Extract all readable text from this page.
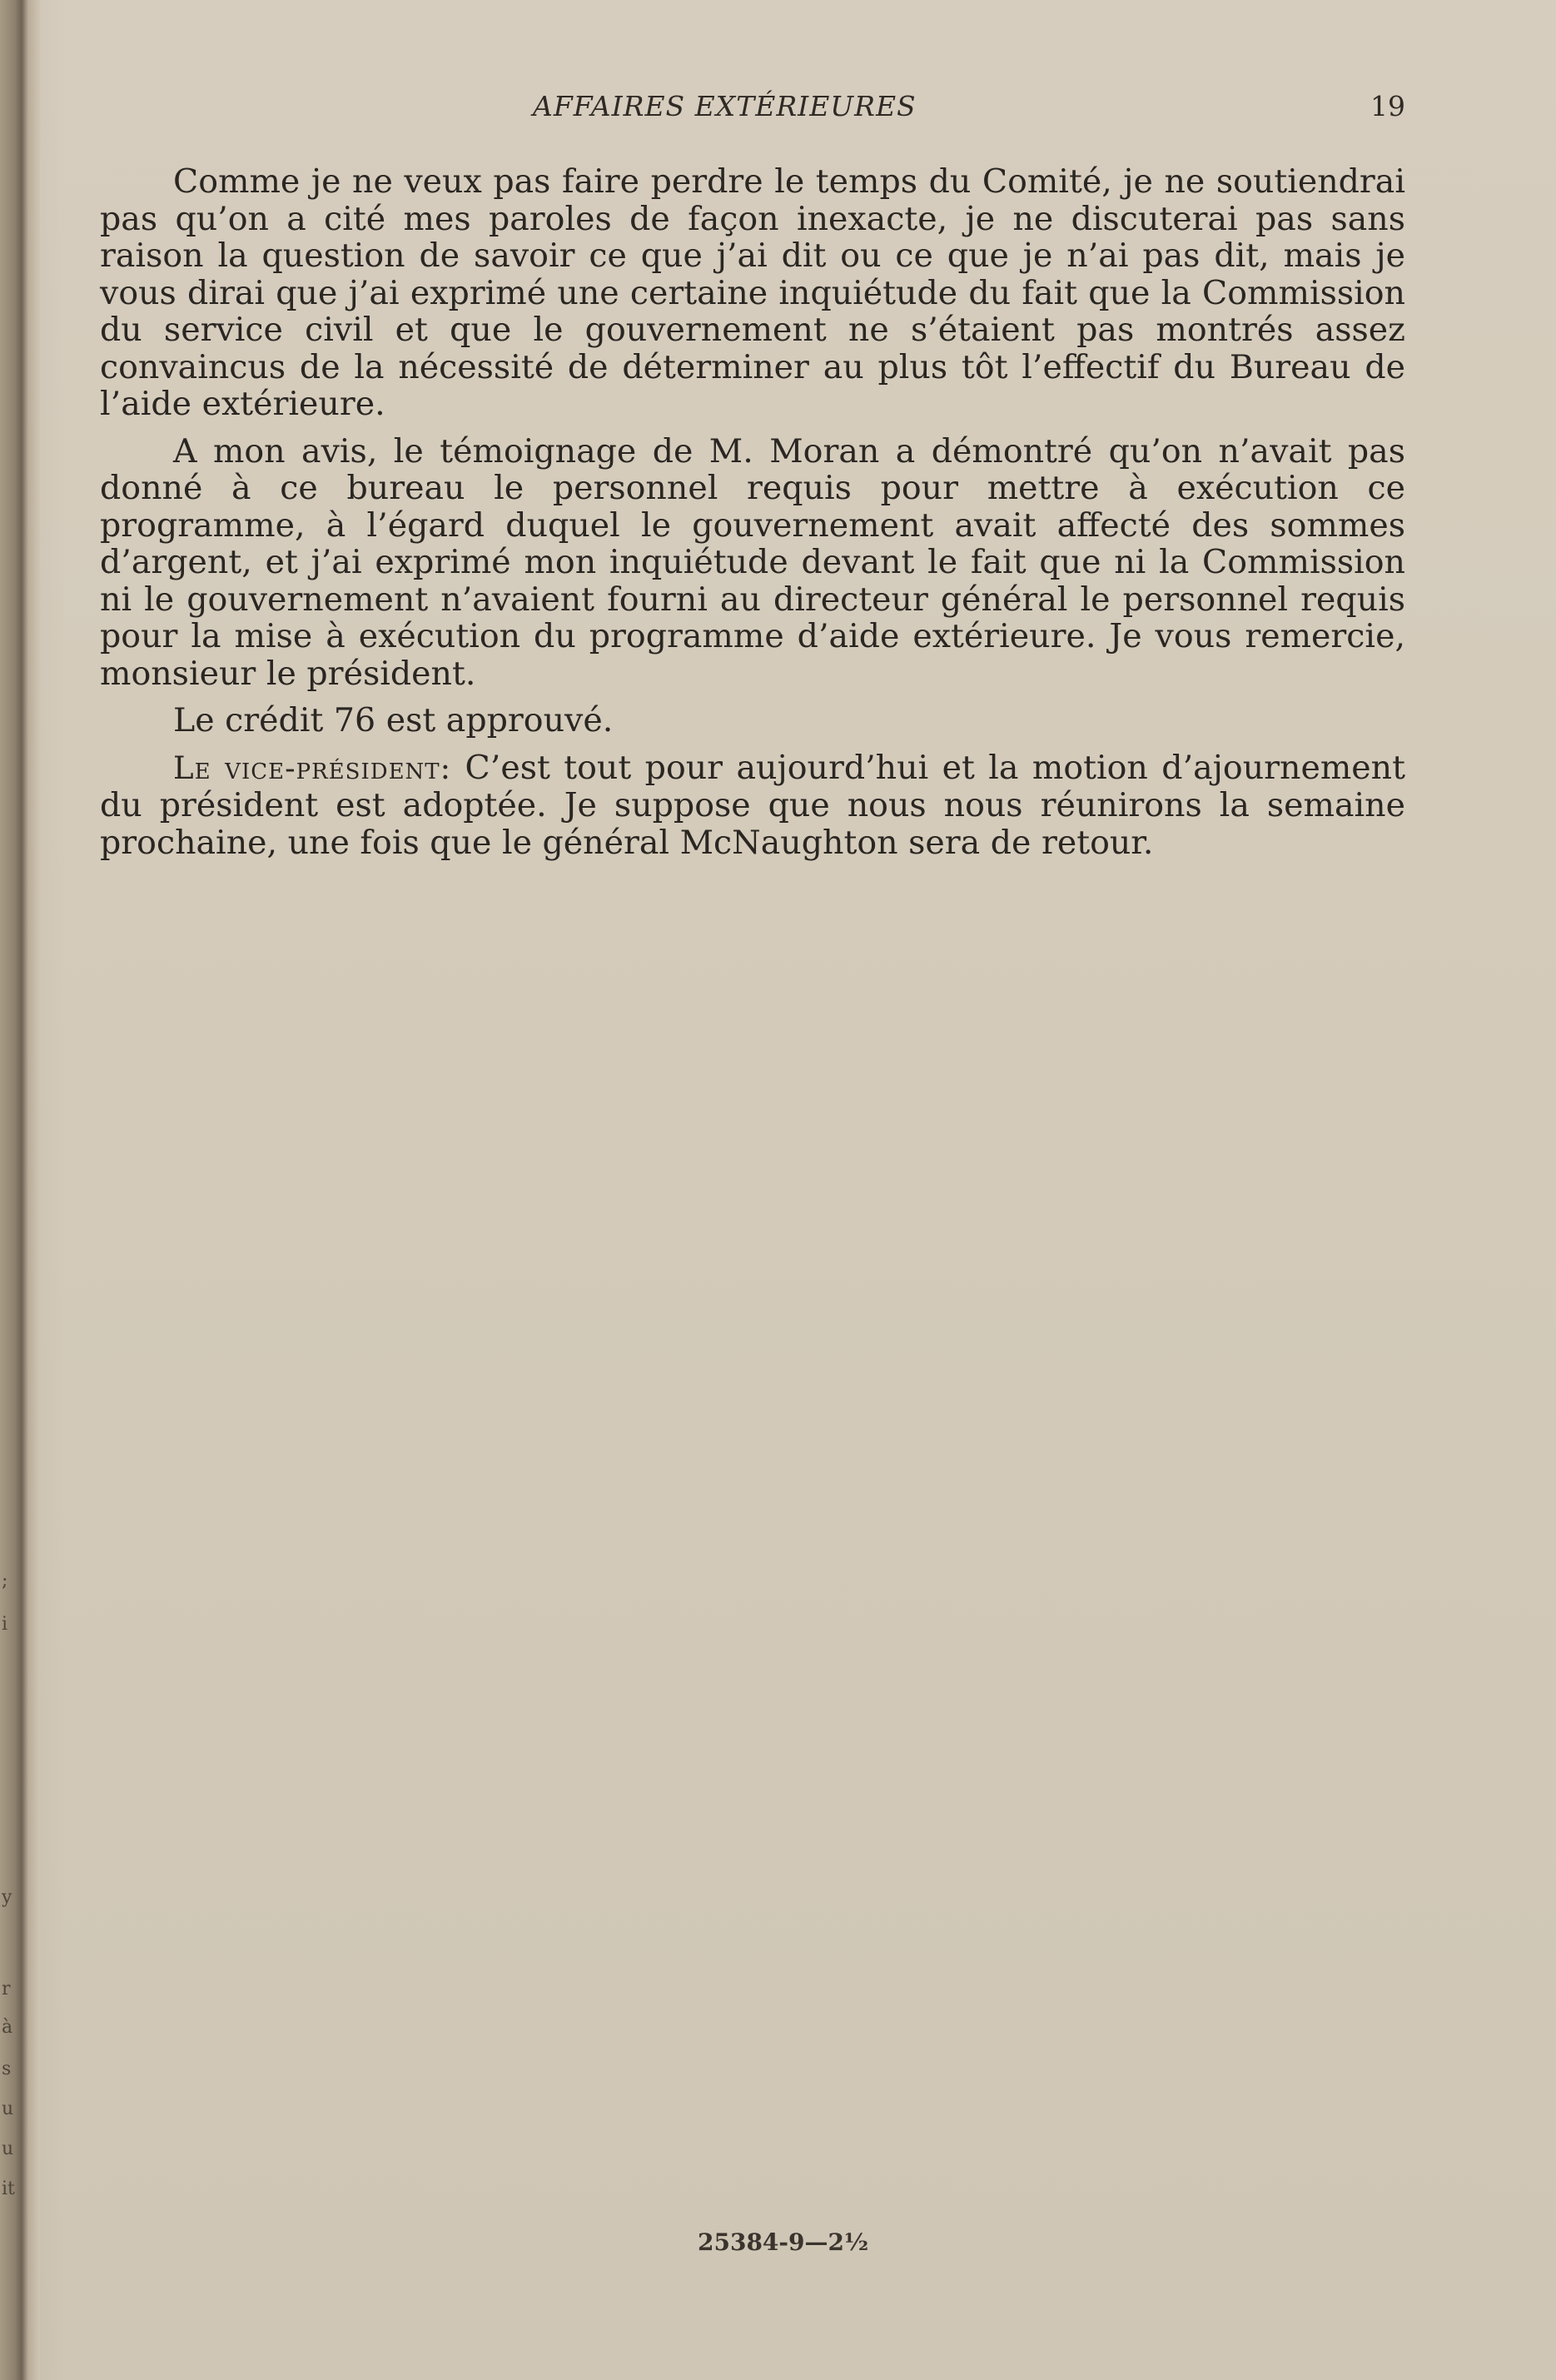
;
i
y
r
à
s
u
u
it
AFFAIRES EXTÉRIEURES	19

Comme je ne veux pas faire perdre le temps du Comité, je ne soutiendrai pas qu’on a cité mes paroles de façon inexacte, je ne discuterai pas sans raison la question de savoir ce que j’ai dit ou ce que je n’ai pas dit, mais je vous dirai que j’ai exprimé une certaine inquiétude du fait que la Commission du service civil et que le gouvernement ne s’étaient pas montrés assez convaincus de la nécessité de déterminer au plus tôt l’effectif du Bureau de l’aide extérieure.

A mon avis, le témoignage de M. Moran a démontré qu’on n’avait pas donné à ce bureau le personnel requis pour mettre à exécution ce programme, à l’égard duquel le gouvernement avait affecté des sommes d’argent, et j’ai exprimé mon inquiétude devant le fait que ni la Commission ni le gouvernement n’avaient fourni au directeur général le personnel requis pour la mise à exécution du programme d’aide extérieure. Je vous remercie, monsieur le président.

Le crédit 76 est approuvé.

Le vice-président: C’est tout pour aujourd’hui et la motion d’ajournement du président est adoptée. Je suppose que nous nous réunirons la semaine prochaine, une fois que le général McNaughton sera de retour.

25384-9—2½
